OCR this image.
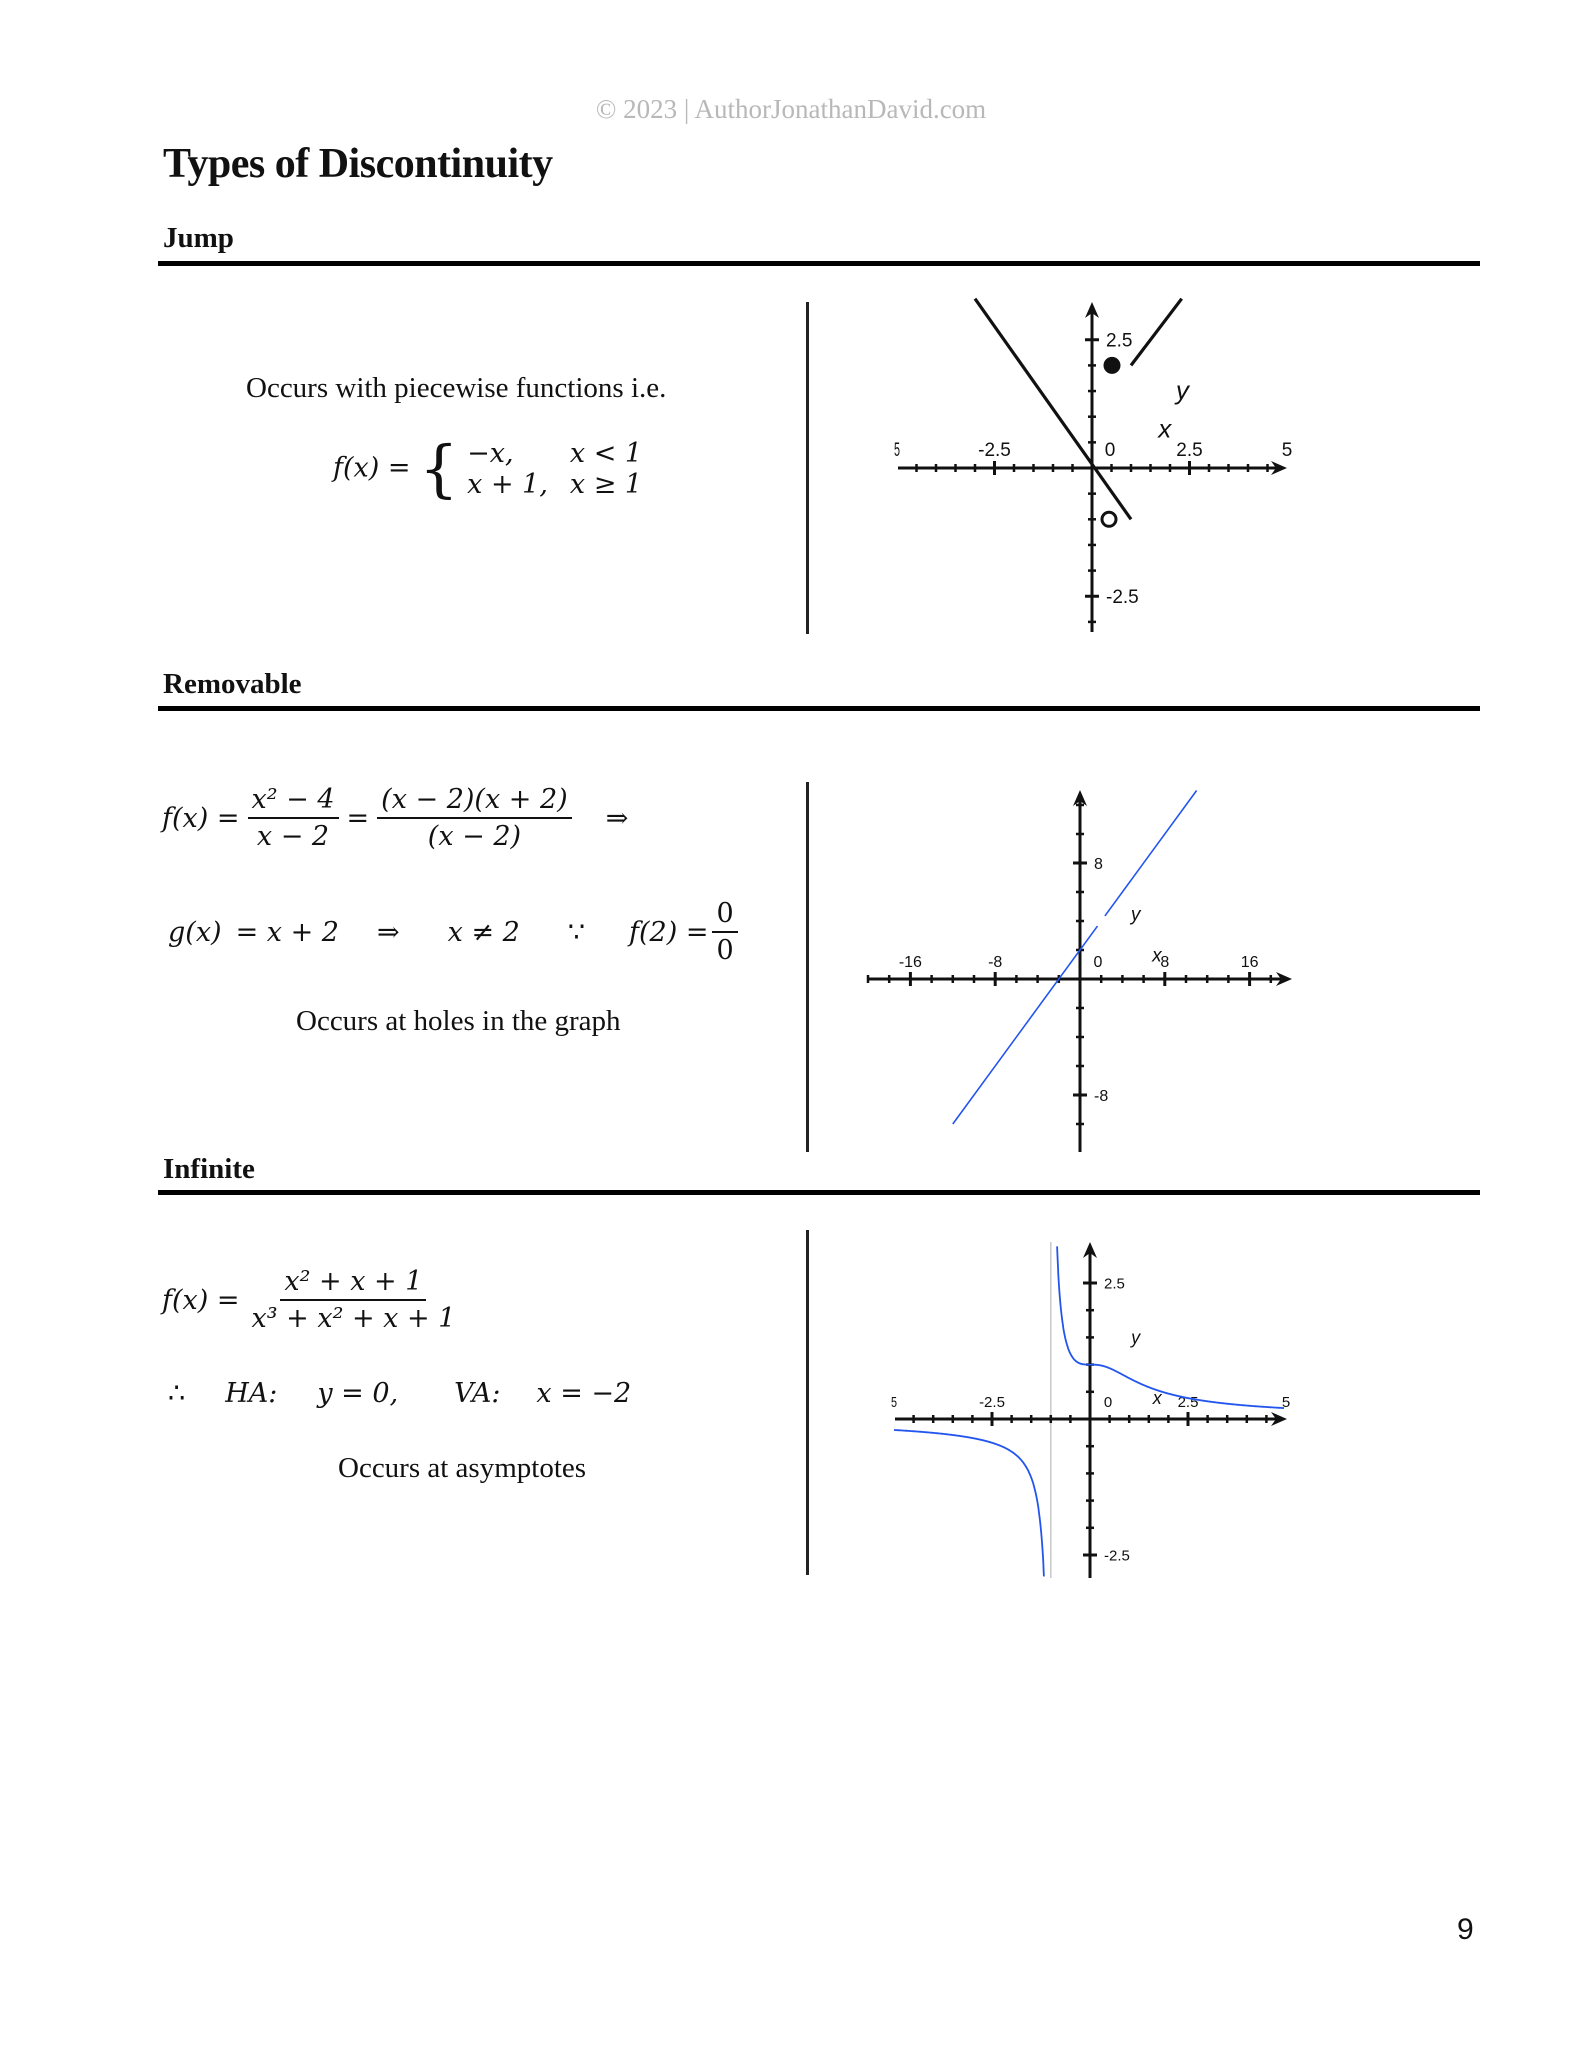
© 2023 | AuthorJonathanDavid.com
Types of Discontinuity
Jump
Occurs with piecewise functions i.e.
f(x) = { −x,	x < 1
x + 1, x ≥ 1
5	-2.5	0	2.5	5
2.5
-2.5
y
x
Removable
$f(x) = \frac{\text{x² − 4}}{x - 2} = \frac{(x - 2)(x + 2)}{(x - 2)}$ ⇒
g(x) = x + 2 ⇒ x ≠ 2 ∵ $f(2) = \frac{0}{0}$
Occurs at holes in the graph
-16	-8	0	8	16
8
-8
y
x
Infinite
$f(x) = \frac{\text{x² + x + 1}}{\text{x³ + x² + x + 1}}$
∴ HA: y = 0, VA: x = −2
Occurs at asymptotes
5	-2.5	0	2.5	5
2.5
-2.5
y
x
9
